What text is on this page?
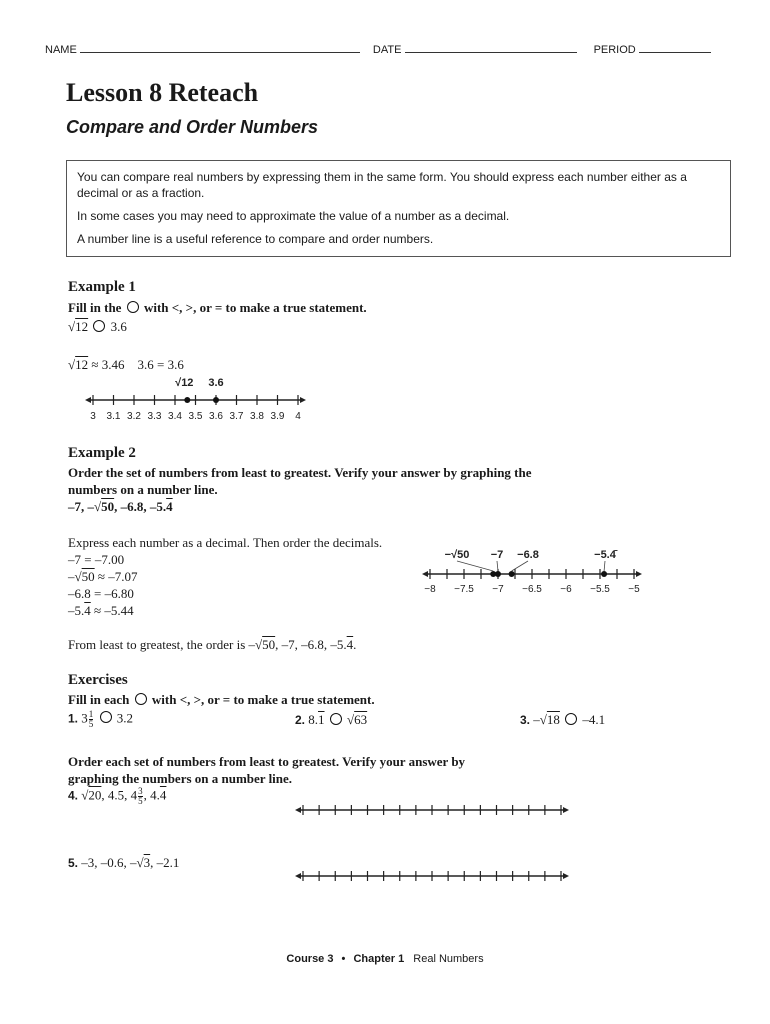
NAME	DATE	PERIOD
Lesson 8 Reteach
Compare and Order Numbers

You can compare real numbers by expressing them in the same form. You should express each number either as a decimal or as a fraction.

In some cases you may need to approximate the value of a number as a decimal.

A number line is a useful reference to compare and order numbers.

Example 1
Fill in the with <, >, or = to make a true statement.
√12 3.6
√12 ≈ 3.46    3.6 = 3.6
3 3.1 3.2 3.3 3.4 3.5 3.6 3.7 3.8 3.9 4
√12 3.6
Example 2
Order the set of numbers from least to greatest. Verify your answer by graphing the numbers on a number line.
–7, –√50, –6.8, –5.4
Express each number as a decimal. Then order the decimals.
–7 = –7.00
–√50 ≈ –7.07
–6.8 = –6.80
–5.4 ≈ –5.44
−8 −7.5 −7 −6.5 −6 −5.5 −5
−√50 −7 −6.8	−5.4̄
From least to greatest, the order is –√50, –7, –6.8, –5.4.
Exercises
Fill in each with <, >, or = to make a true statement.
1. $3 \frac{1}{5} 3.2$	2. 8.1  √63	3. –√18 –4.1
Order each set of numbers from least to greatest. Verify your answer by graphing the numbers on a number line.
4. √20, 4.5, $4 \frac{3}{5}$ , 4.4
5. –3, –0.6, –√3, –2.1
Course 3 • Chapter 1 Real Numbers
